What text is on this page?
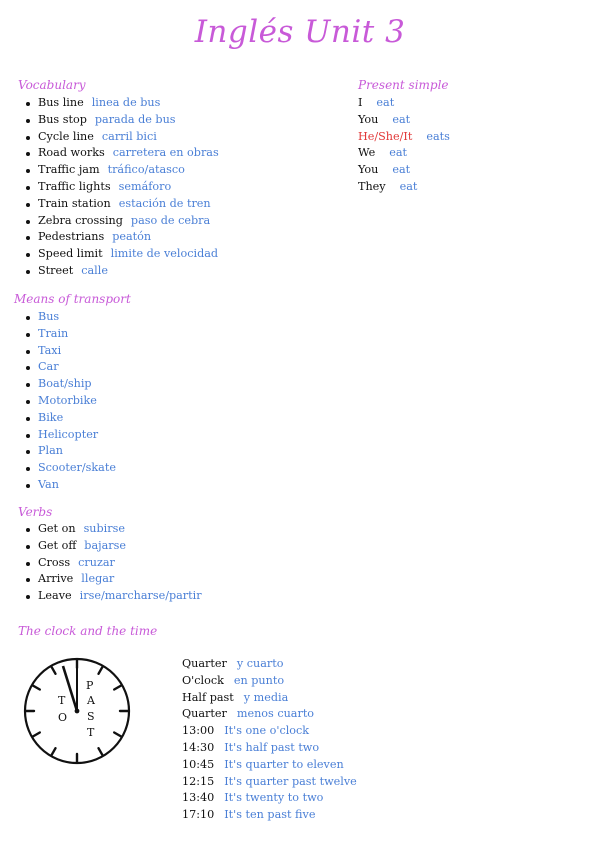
Inglés Unit 3
Vocabulary
Bus line linea de bus
Bus stop parada de bus
Cycle line carril bici
Road works carretera en obras
Traffic jam tráfico/atasco
Traffic lights semáforo
Train station estación de tren
Zebra crossing paso de cebra
Pedestrians peatón
Speed limit limite de velocidad
Street calle
Present simple
I eat
You eat
He/She/It eats
We eat
You eat
They eat
Means of transport
Bus
Train
Taxi
Car
Boat/ship
Motorbike
Bike
Helicopter
Plan
Scooter/skate
Van
Verbs
Get on subirse
Get off bajarse
Cross cruzar
Arrive llegar
Leave irse/marcharse/partir
The clock and the time
T
O
P
A
S
T
Quarter y cuarto
O'clock en punto
Half past y media
Quarter menos cuarto
13:00 It's one o'clock
14:30 It's half past two
10:45 It's quarter to eleven
12:15 It's quarter past twelve
13:40 It's twenty to two
17:10 It's ten past five
